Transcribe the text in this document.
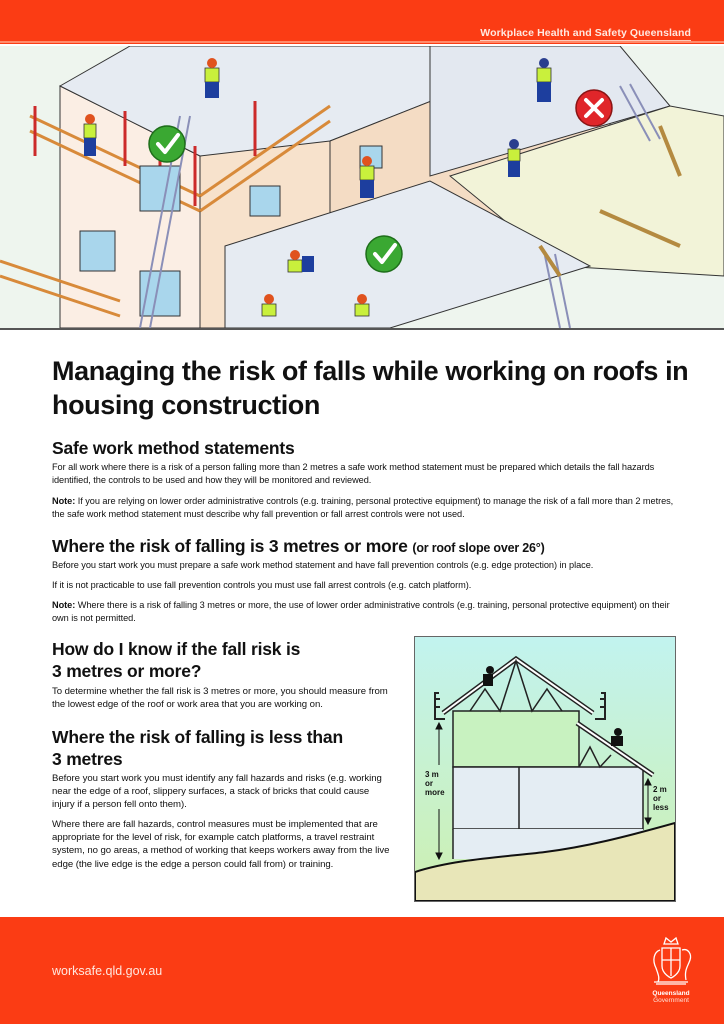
Workplace Health and Safety Queensland
Managing the risk of falls while working on roofs in housing construction
Safe work method statements

For all work where there is a risk of a person falling more than 2 metres a safe work method statement must be prepared which details the fall hazards identified, the controls to be used and how they will be monitored and reviewed.

Note: If you are relying on lower order administrative controls (e.g. training, personal protective equipment) to manage the risk of a fall more than 2 metres, the safe work method statement must describe why fall prevention or fall arrest controls were not used.

Where the risk of falling is 3 metres or more (or roof slope over 26°)

Before you start work you must prepare a safe work method statement and have fall prevention controls (e.g. edge protection) in place.

If it is not practicable to use fall prevention controls you must use fall arrest controls (e.g. catch platform).

Note: Where there is a risk of falling 3 metres or more, the use of lower order administrative controls (e.g. training, personal protective equipment) on their own is not permitted.

How do I know if the fall risk is
3 metres or more?

To determine whether the fall risk is 3 metres or more, you should measure from the lowest edge of the roof or work area that you are working on.

Where the risk of falling is less than
3 metres

Before you start work you must identify any fall hazards and risks (e.g. working near the edge of a roof, slippery surfaces, a stack of bricks that could cause injury if a person fell onto them).

Where there are fall hazards, control measures must be implemented that are appropriate for the level of risk, for example catch platforms, a travel restraint system, no go areas, a method of working that keeps workers away from the live edge (the live edge is the edge a person could fall from) or training.

3 m
or
more	2 m
or
less
worksafe.qld.gov.au
Queensland
Government
